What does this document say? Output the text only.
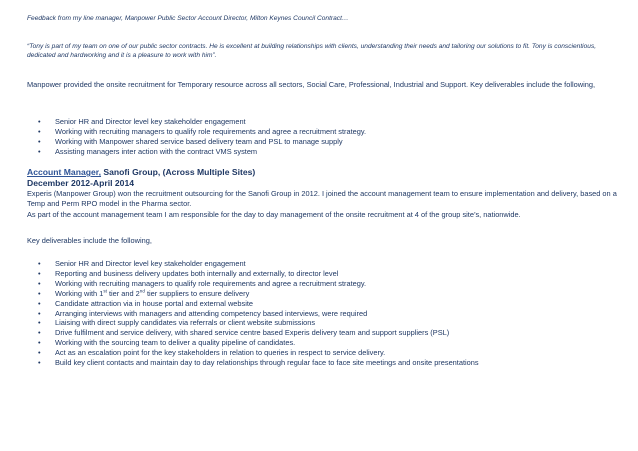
Feedback from my line manager, Manpower Public Sector Account Director, Milton Keynes Council Contract…
“Tony is part of my team on one of our public sector contracts. He is excellent at building relationships with clients, understanding their needs and tailoring our solutions to fit. Tony is conscientious, dedicated and hardworking and it is a pleasure to work with him”.
Manpower provided the onsite recruitment for Temporary resource across all sectors, Social Care, Professional, Industrial and Support. Key deliverables include the following,
• Senior HR and Director level key stakeholder engagement
• Working with recruiting managers to qualify role requirements and agree a recruitment strategy.
• Working with Manpower shared service based delivery team and PSL to manage supply
• Assisting managers inter action with the contract VMS system
Account Manager, Sanofi Group, (Across Multiple Sites)
December 2012-April 2014
Experis (Manpower Group) won the recruitment outsourcing for the Sanofi Group in 2012. I joined the account management team to ensure implementation and delivery, based on a Temp and Perm RPO model in the Pharma sector.
As part of the account management team I am responsible for the day to day management of the onsite recruitment at 4 of the group site’s, nationwide.
Key deliverables include the following,
• Senior HR and Director level key stakeholder engagement
• Reporting and business delivery updates both internally and externally, to director level
• Working with recruiting managers to qualify role requirements and agree a recruitment strategy.
• Working with 1st tier and 2nd tier suppliers to ensure delivery
• Candidate attraction via in house portal and external website
• Arranging interviews with managers and attending competency based interviews, were required
• Liaising with direct supply candidates via referrals or client website submissions
• Drive fulfilment and service delivery, with shared service centre based Experis delivery team and support suppliers (PSL)
• Working with the sourcing team to deliver a quality pipeline of candidates.
• Act as an escalation point for the key stakeholders in relation to queries in respect to service delivery.
• Build key client contacts and maintain day to day relationships through regular face to face site meetings and onsite presentations
